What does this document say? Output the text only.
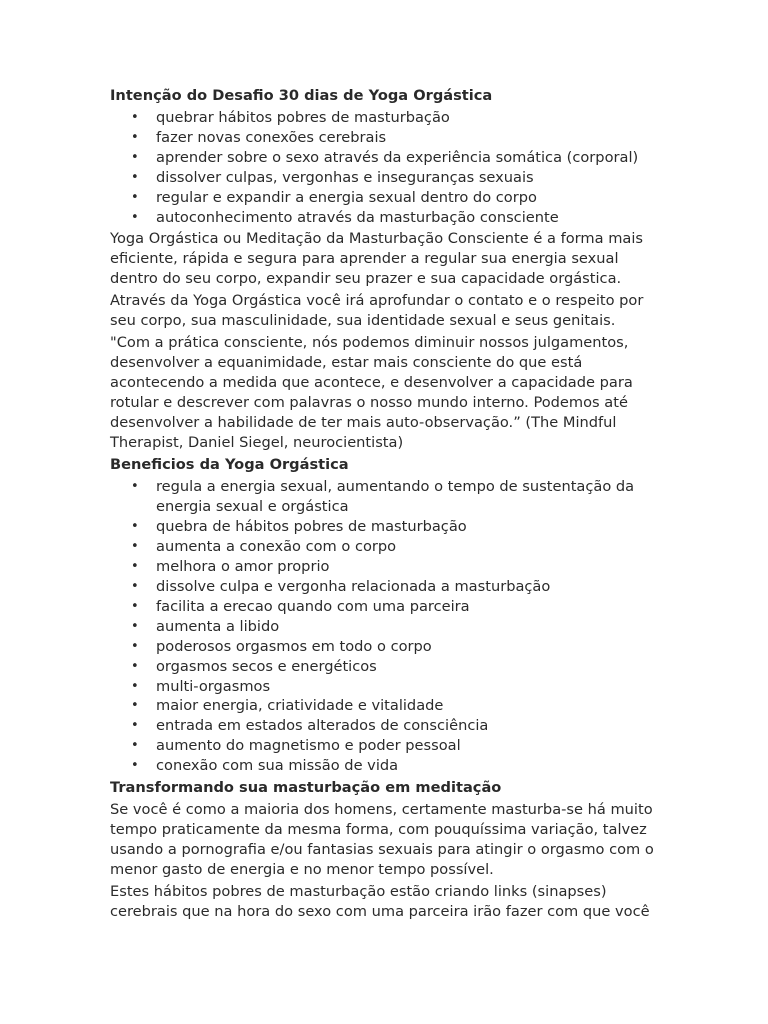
Intenção do Desafio 30 dias de Yoga Orgástica
• quebrar hábitos pobres de masturbação
• fazer novas conexões cerebrais
• aprender sobre o sexo através da experiência somática (corporal)
• dissolver culpas, vergonhas e inseguranças sexuais
• regular e expandir a energia sexual dentro do corpo
• autoconhecimento através da masturbação consciente

Yoga Orgástica ou Meditação da Masturbação Consciente é a forma mais eficiente, rápida e segura para aprender a regular sua energia sexual dentro do seu corpo, expandir seu prazer e sua capacidade orgástica.

Através da Yoga Orgástica você irá aprofundar o contato e o respeito por seu corpo, sua masculinidade, sua identidade sexual e seus genitais.

"Com a prática consciente, nós podemos diminuir nossos julgamentos, desenvolver a equanimidade, estar mais consciente do que está acontecendo a medida que acontece, e desenvolver a capacidade para rotular e descrever com palavras o nosso mundo interno. Podemos até desenvolver a habilidade de ter mais auto-observação.” (The Mindful Therapist, Daniel Siegel, neurocientista)

Beneficios da Yoga Orgástica
• regula a energia sexual, aumentando o tempo de sustentação da energia sexual e orgástica
• quebra de hábitos pobres de masturbação
• aumenta a conexão com o corpo
• melhora o amor proprio
• dissolve culpa e vergonha relacionada a masturbação
• facilita a erecao quando com uma parceira
• aumenta a libido
• poderosos orgasmos em todo o corpo
• orgasmos secos e energéticos
• multi-orgasmos
• maior energia, criatividade e vitalidade
• entrada em estados alterados de consciência
• aumento do magnetismo e poder pessoal
• conexão com sua missão de vida
Transformando sua masturbação em meditação

Se você é como a maioria dos homens, certamente masturba-se há muito tempo praticamente da mesma forma, com pouquíssima variação, talvez usando a pornografia e/ou fantasias sexuais para atingir o orgasmo com o menor gasto de energia e no menor tempo possível.

Estes hábitos pobres de masturbação estão criando links (sinapses) cerebrais que na hora do sexo com uma parceira irão fazer com que você
